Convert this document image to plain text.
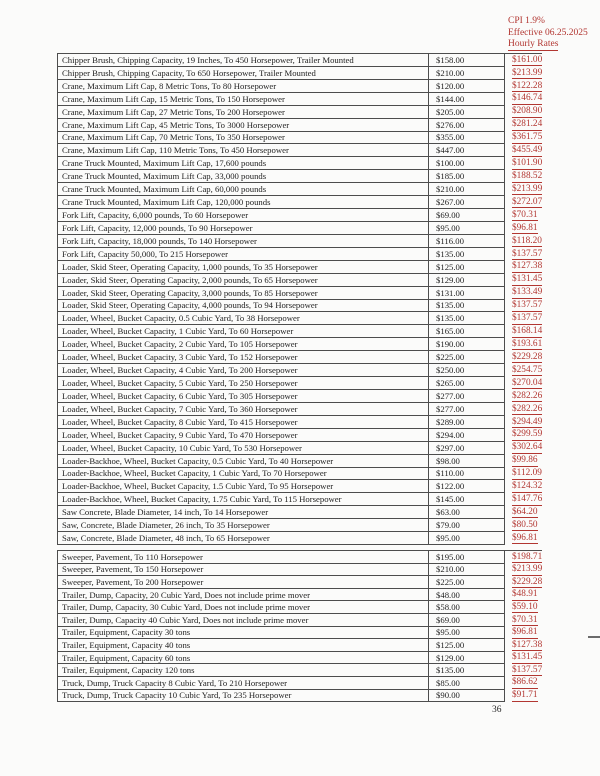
CPI 1.9%
Effective 06.25.2025
Hourly Rates
Chipper Brush, Chipping Capacity, 19 Inches, To 450 Horsepower, Trailer Mounted	$158.00	$161.00
Chipper Brush, Chipping Capacity, To 650 Horsepower, Trailer Mounted	$210.00	$213.99
Crane, Maximum Lift Cap, 8 Metric Tons, To 80 Horsepower	$120.00	$122.28
Crane, Maximum Lift Cap, 15 Metric Tons, To 150 Horsepower	$144.00	$146.74
Crane, Maximum Lift Cap, 27 Metric Tons, To 200 Horsepower	$205.00	$208.90
Crane, Maximum Lift Cap, 45 Metric Tons, To 3000 Horsepower	$276.00	$281.24
Crane, Maximum Lift Cap, 70 Metric Tons, To 350 Horsepower	$355.00	$361.75
Crane, Maximum Lift Cap, 110 Metric Tons, To 450 Horsepower	$447.00	$455.49
Crane Truck Mounted, Maximum Lift Cap, 17,600 pounds	$100.00	$101.90
Crane Truck Mounted, Maximum Lift Cap, 33,000 pounds	$185.00	$188.52
Crane Truck Mounted, Maximum Lift Cap, 60,000 pounds	$210.00	$213.99
Crane Truck Mounted, Maximum Lift Cap, 120,000 pounds	$267.00	$272.07
Fork Lift, Capacity, 6,000 pounds, To 60 Horsepower	$69.00	$70.31
Fork Lift, Capacity, 12,000 pounds, To 90 Horsepower	$95.00	$96.81
Fork Lift, Capacity, 18,000 pounds, To 140 Horsepower	$116.00	$118.20
Fork Lift, Capacity 50,000, To 215 Horsepower	$135.00	$137.57
Loader, Skid Steer, Operating Capacity, 1,000 pounds, To 35 Horsepower	$125.00	$127.38
Loader, Skid Steer, Operating Capacity, 2,000 pounds, To 65 Horsepower	$129.00	$131.45
Loader, Skid Steer, Operating Capacity, 3,000 pounds, To 85 Horsepower	$131.00	$133.49
Loader, Skid Steer, Operating Capacity, 4,000 pounds, To 94 Horsepower	$135.00	$137.57
Loader, Wheel, Bucket Capacity, 0.5 Cubic Yard, To 38 Horsepower	$135.00	$137.57
Loader, Wheel, Bucket Capacity, 1 Cubic Yard, To 60 Horsepower	$165.00	$168.14
Loader, Wheel, Bucket Capacity, 2 Cubic Yard, To 105 Horsepower	$190.00	$193.61
Loader, Wheel, Bucket Capacity, 3 Cubic Yard, To 152 Horsepower	$225.00	$229.28
Loader, Wheel, Bucket Capacity, 4 Cubic Yard, To 200 Horsepower	$250.00	$254.75
Loader, Wheel, Bucket Capacity, 5 Cubic Yard, To 250 Horsepower	$265.00	$270.04
Loader, Wheel, Bucket Capacity, 6 Cubic Yard, To 305 Horsepower	$277.00	$282.26
Loader, Wheel, Bucket Capacity, 7 Cubic Yard, To 360 Horsepower	$277.00	$282.26
Loader, Wheel, Bucket Capacity, 8 Cubic Yard, To 415 Horsepower	$289.00	$294.49
Loader, Wheel, Bucket Capacity, 9 Cubic Yard, To 470 Horsepower	$294.00	$299.59
Loader, Wheel, Bucket Capacity, 10 Cubic Yard, To 530 Horsepower	$297.00	$302.64
Loader-Backhoe, Wheel, Bucket Capacity, 0.5 Cubic Yard, To 40 Horsepower	$98.00	$99.86
Loader-Backhoe, Wheel, Bucket Capacity, 1 Cubic Yard, To 70 Horsepower	$110.00	$112.09
Loader-Backhoe, Wheel, Bucket Capacity, 1.5 Cubic Yard, To 95 Horsepower	$122.00	$124.32
Loader-Backhoe, Wheel, Bucket Capacity, 1.75 Cubic Yard, To 115 Horsepower	$145.00	$147.76
Saw Concrete, Blade Diameter, 14 inch, To 14 Horsepower	$63.00	$64.20
Saw, Concrete, Blade Diameter, 26 inch, To 35 Horsepower	$79.00	$80.50
Saw, Concrete, Blade Diameter, 48 inch, To 65 Horsepower	$95.00	$96.81
Sweeper, Pavement, To 110 Horsepower	$195.00	$198.71
Sweeper, Pavement, To 150 Horsepower	$210.00	$213.99
Sweeper, Pavement, To 200 Horsepower	$225.00	$229.28
Trailer, Dump, Capacity, 20 Cubic Yard, Does not include prime mover	$48.00	$48.91
Trailer, Dump, Capacity, 30 Cubic Yard, Does not include prime mover	$58.00	$59.10
Trailer, Dump, Capacity 40 Cubic Yard, Does not include prime mover	$69.00	$70.31
Trailer, Equipment, Capacity 30 tons	$95.00	$96.81
Trailer, Equipment, Capacity 40 tons	$125.00	$127.38
Trailer, Equipment, Capacity 60 tons	$129.00	$131.45
Trailer, Equipment, Capacity 120 tons	$135.00	$137.57
Truck, Dump, Truck Capacity 8 Cubic Yard, To 210 Horsepower	$85.00	$86.62
Truck, Dump, Truck Capacity 10 Cubic Yard, To 235 Horsepower	$90.00	$91.71
36
